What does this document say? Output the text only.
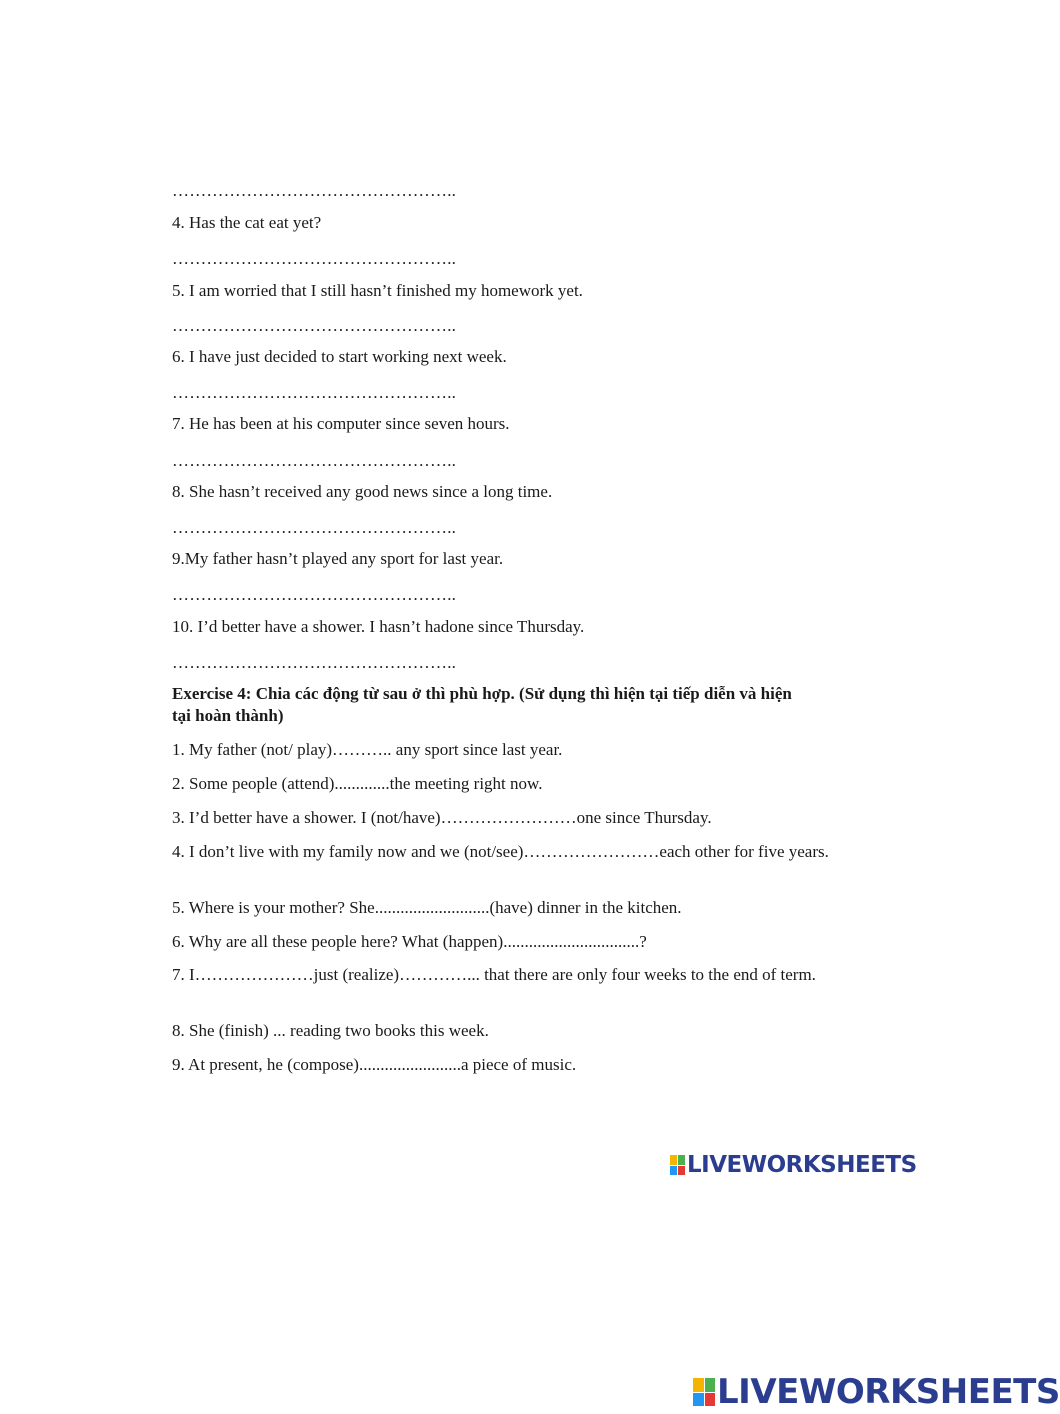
…………………………………………..
4. Has the cat eat yet?
…………………………………………..
5. I am worried that I still hasn’t finished my homework yet.
…………………………………………..
6. I have just decided to start working next week.
…………………………………………..
7. He has been at his computer since seven hours.
…………………………………………..
8. She hasn’t received any good news since a long time.
…………………………………………..
9.My father hasn’t played any sport for last year.
…………………………………………..
10. I’d better have a shower. I hasn’t hadone since Thursday.
…………………………………………..
Exercise 4: Chia các động từ sau ở thì phù hợp. (Sử dụng thì hiện tại tiếp diễn và hiện tại hoàn thành)
1. My father (not/ play)……….. any sport since last year.
2. Some people (attend).............the meeting right now.
3. I’d better have a shower. I (not/have)……………………one since Thursday.
4. I don’t live with my family now and we (not/see)……………………each other for five years.
5. Where is your mother? She...........................(have) dinner in the kitchen.
6. Why are all these people here? What (happen)................................?
7. I…………………just (realize)…………... that there are only four weeks to the end of term.
8. She (finish) ... reading two books this week.
9. At present, he (compose)........................a piece of music.
LIVEWORKSHEETS
LIVEWORKSHEETS
